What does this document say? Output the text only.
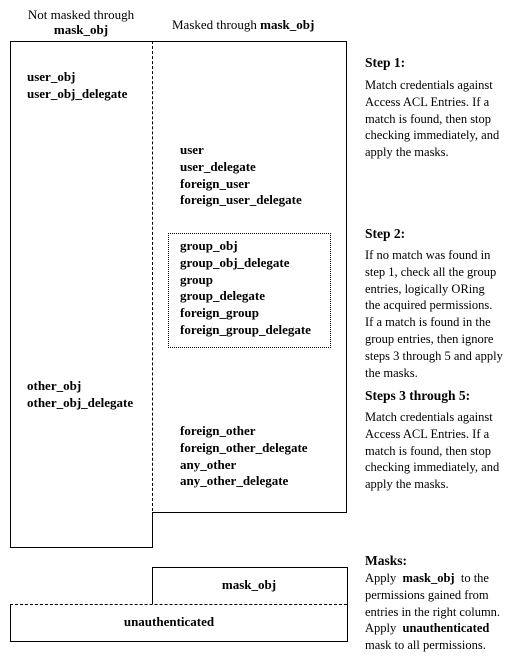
Not masked through
mask_obj	Masked through mask_obj
user_obj
user_obj_delegate
other_obj
other_obj_delegate
user
user_delegate
foreign_user
foreign_user_delegate
group_obj
group_obj_delegate
group
group_delegate
foreign_group
foreign_group_delegate
foreign_other
foreign_other_delegate
any_other
any_other_delegate
mask_obj
unauthenticated
Step 1:
Match credentials against
Access ACL Entries. If a
match is found, then stop
checking immediately, and
apply the masks.
Step 2:
If no match was found in
step 1, check all the group
entries, logically ORing
the acquired permissions.
If a match is found in the
group entries, then ignore
steps 3 through 5 and apply
the masks.
Steps 3 through 5:
Match credentials against
Access ACL Entries. If a
match is found, then stop
checking immediately, and
apply the masks.
Masks:
Apply  mask_obj  to the
permissions gained from
entries in the right column.
Apply  unauthenticated
mask to all permissions.
